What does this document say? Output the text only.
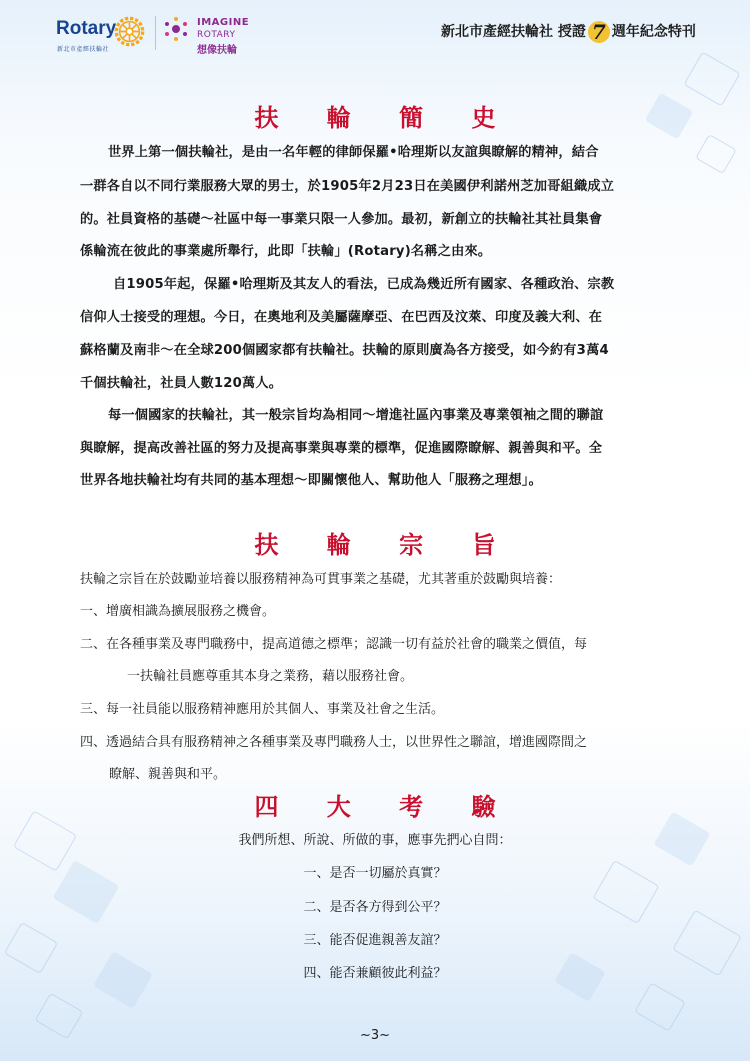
Rotary
新北市產經扶輪社
IMAGINE
ROTARY
想像扶輪
新北市產經扶輪社 授證 7 週年紀念特刊
扶 輪 簡 史
世界上第一個扶輪社，是由一名年輕的律師保羅•哈理斯以友誼與瞭解的精神，結合
一群各自以不同行業服務大眾的男士，於1905年2月23日在美國伊利諾州芝加哥組織成立
的。社員資格的基礎～社區中每一事業只限一人參加。最初，新創立的扶輪社其社員集會
係輪流在彼此的事業處所舉行，此即「扶輪」(Rotary)名稱之由來。
自1905年起，保羅•哈理斯及其友人的看法，已成為幾近所有國家、各種政治、宗教
信仰人士接受的理想。今日，在奧地利及美屬薩摩亞、在巴西及汶萊、印度及義大利、在
蘇格蘭及南非～在全球200個國家都有扶輪社。扶輪的原則廣為各方接受，如今約有3萬4
千個扶輪社，社員人數120萬人。
每一個國家的扶輪社，其一般宗旨均為相同～增進社區內事業及專業領袖之間的聯誼
與瞭解，提高改善社區的努力及提高事業與專業的標準，促進國際瞭解、親善與和平。全
世界各地扶輪社均有共同的基本理想～即關懷他人、幫助他人「服務之理想」。
扶 輪 宗 旨
扶輪之宗旨在於鼓勵並培養以服務精神為可貫事業之基礎，尤其著重於鼓勵與培養：
一、增廣相識為擴展服務之機會。
二、在各種事業及專門職務中，提高道德之標準；認識一切有益於社會的職業之價值，每
一扶輪社員應尊重其本身之業務，藉以服務社會。
三、每一社員能以服務精神應用於其個人、事業及社會之生活。
四、透過結合具有服務精神之各種事業及專門職務人士，以世界性之聯誼，增進國際間之
瞭解、親善與和平。
四 大 考 驗
我們所想、所說、所做的事，應事先捫心自問：
一、是否一切屬於真實？
二、是否各方得到公平？
三、能否促進親善友誼？
四、能否兼顧彼此利益？
~3~
